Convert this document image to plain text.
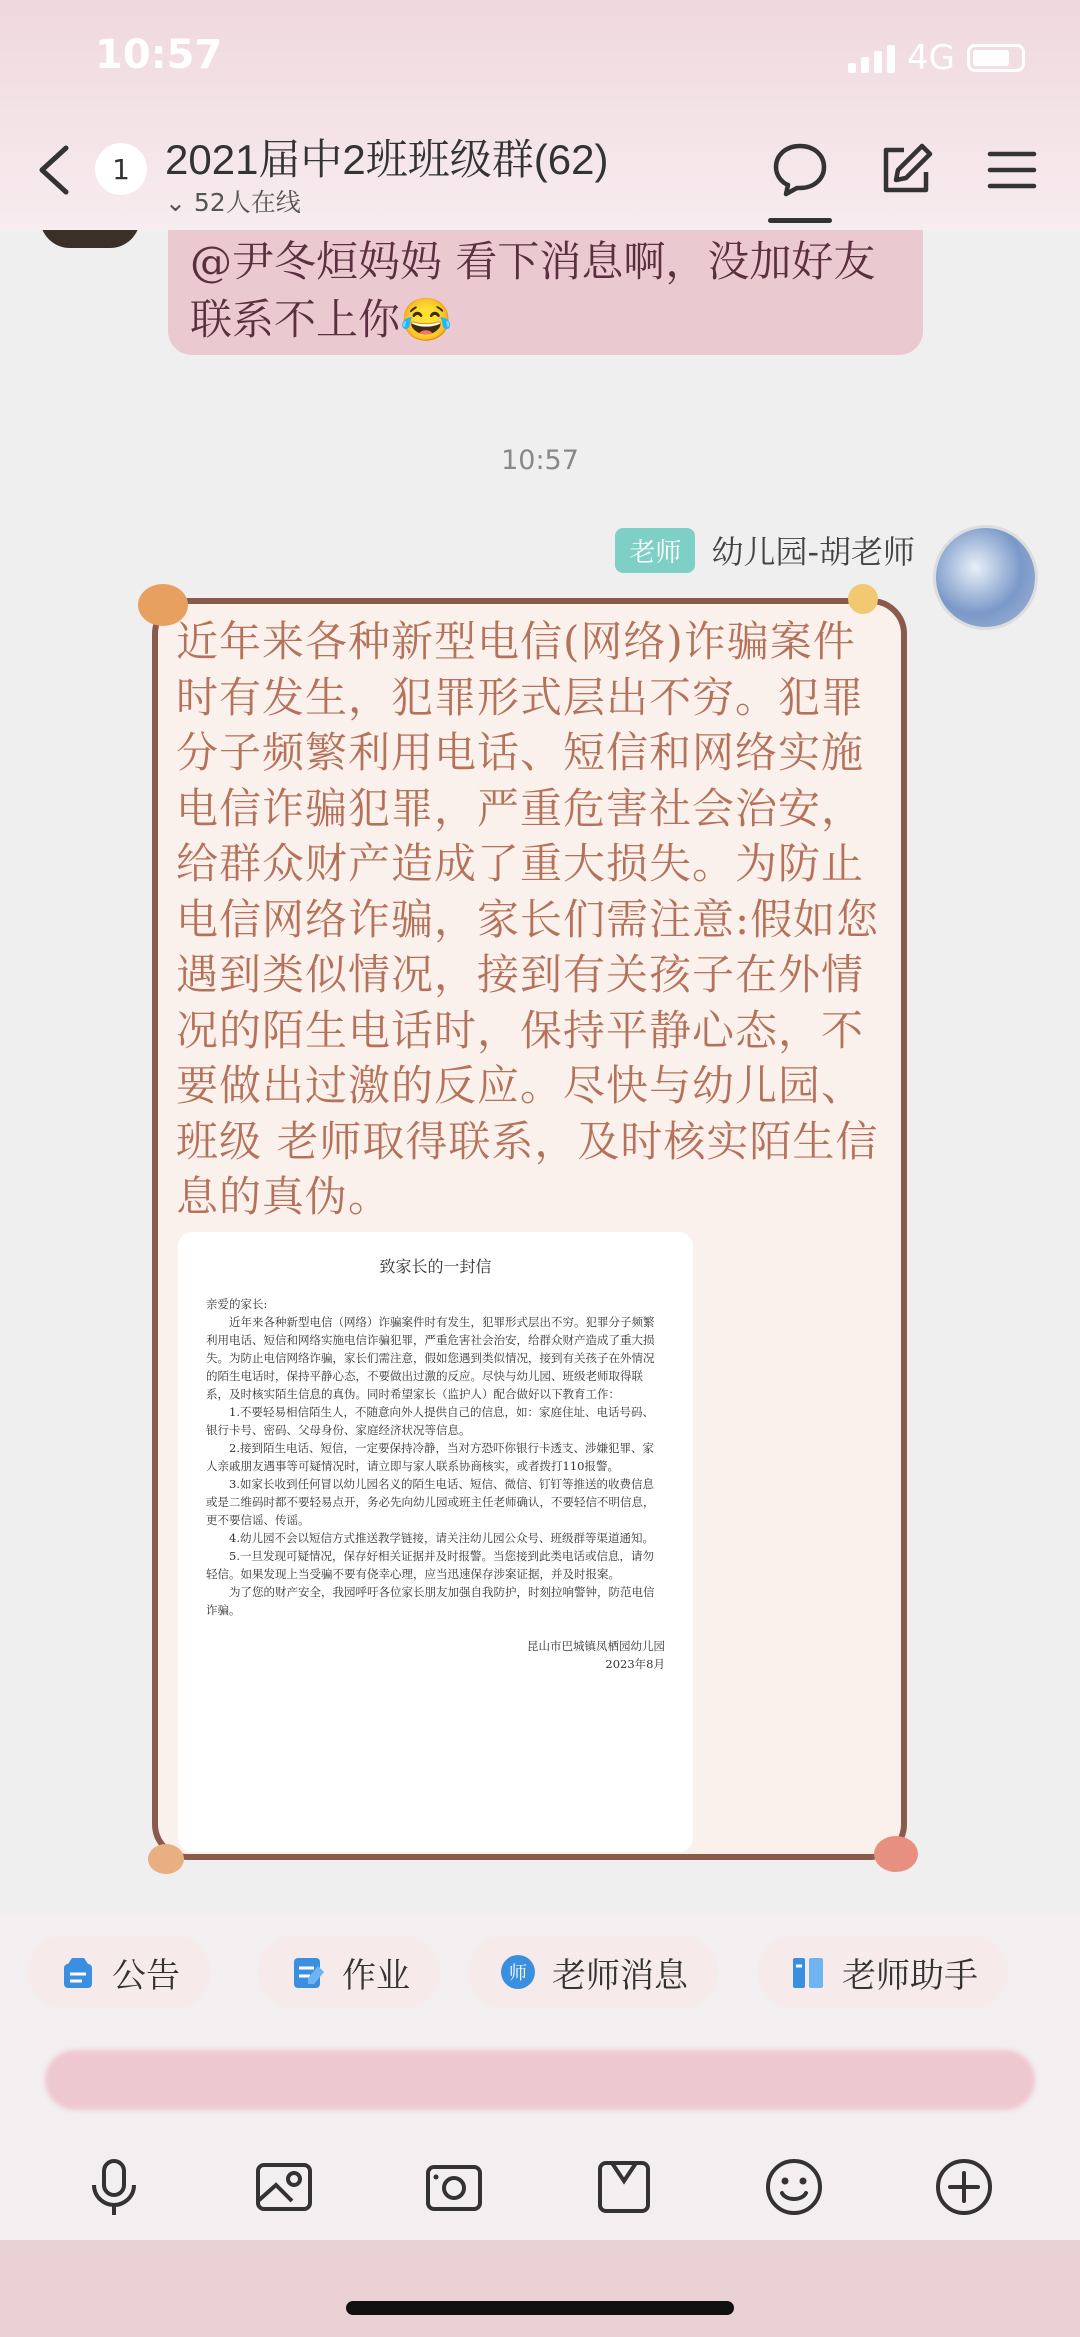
10:57	4G
1 2021届中2班班级群(62)
⌄ 52人在线
@尹冬烜妈妈 看下消息啊，没加好友联系不上你😂
10:57
老师 幼儿园-胡老师
近年来各种新型电信(网络)诈骗案件时有发生，犯罪形式层出不穷。犯罪分子频繁利用电话、短信和网络实施电信诈骗犯罪，严重危害社会治安，给群众财产造成了重大损失。为防止电信网络诈骗，家长们需注意:假如您遇到类似情况，接到有关孩子在外情况的陌生电话时，保持平静心态，不要做出过激的反应。尽快与幼儿园、班级 老师取得联系，及时核实陌生信息的真伪。
致家长的一封信

亲爱的家长:

近年来各种新型电信（网络）诈骗案件时有发生，犯罪形式层出不穷。犯罪分子频繁利用电话、短信和网络实施电信诈骗犯罪，严重危害社会治安，给群众财产造成了重大损失。为防止电信网络诈骗，家长们需注意，假如您遇到类似情况，接到有关孩子在外情况的陌生电话时，保持平静心态，不要做出过激的反应。尽快与幼儿园、班级老师取得联系，及时核实陌生信息的真伪。同时希望家长（监护人）配合做好以下教育工作：

1.不要轻易相信陌生人，不随意向外人提供自己的信息，如：家庭住址、电话号码、银行卡号、密码、父母身份、家庭经济状况等信息。

2.接到陌生电话、短信，一定要保持冷静，当对方恐吓你银行卡透支、涉嫌犯罪、家人亲戚朋友遇事等可疑情况时，请立即与家人联系协商核实，或者拨打110报警。

3.如家长收到任何冒以幼儿园名义的陌生电话、短信、微信、钉钉等推送的收费信息或是二维码时都不要轻易点开，务必先向幼儿园或班主任老师确认，不要轻信不明信息，更不要信谣、传谣。

4.幼儿园不会以短信方式推送教学链接，请关注幼儿园公众号、班级群等渠道通知。

5.一旦发现可疑情况，保存好相关证据并及时报警。当您接到此类电话或信息，请勿轻信。如果发现上当受骗不要有侥幸心理，应当迅速保存涉案证据，并及时报案。

为了您的财产安全，我园呼吁各位家长朋友加强自我防护，时刻拉响警钟，防范电信诈骗。

昆山市巴城镇凤栖园幼儿园
2023年8月
公告	作业	师 老师消息	老师助手
